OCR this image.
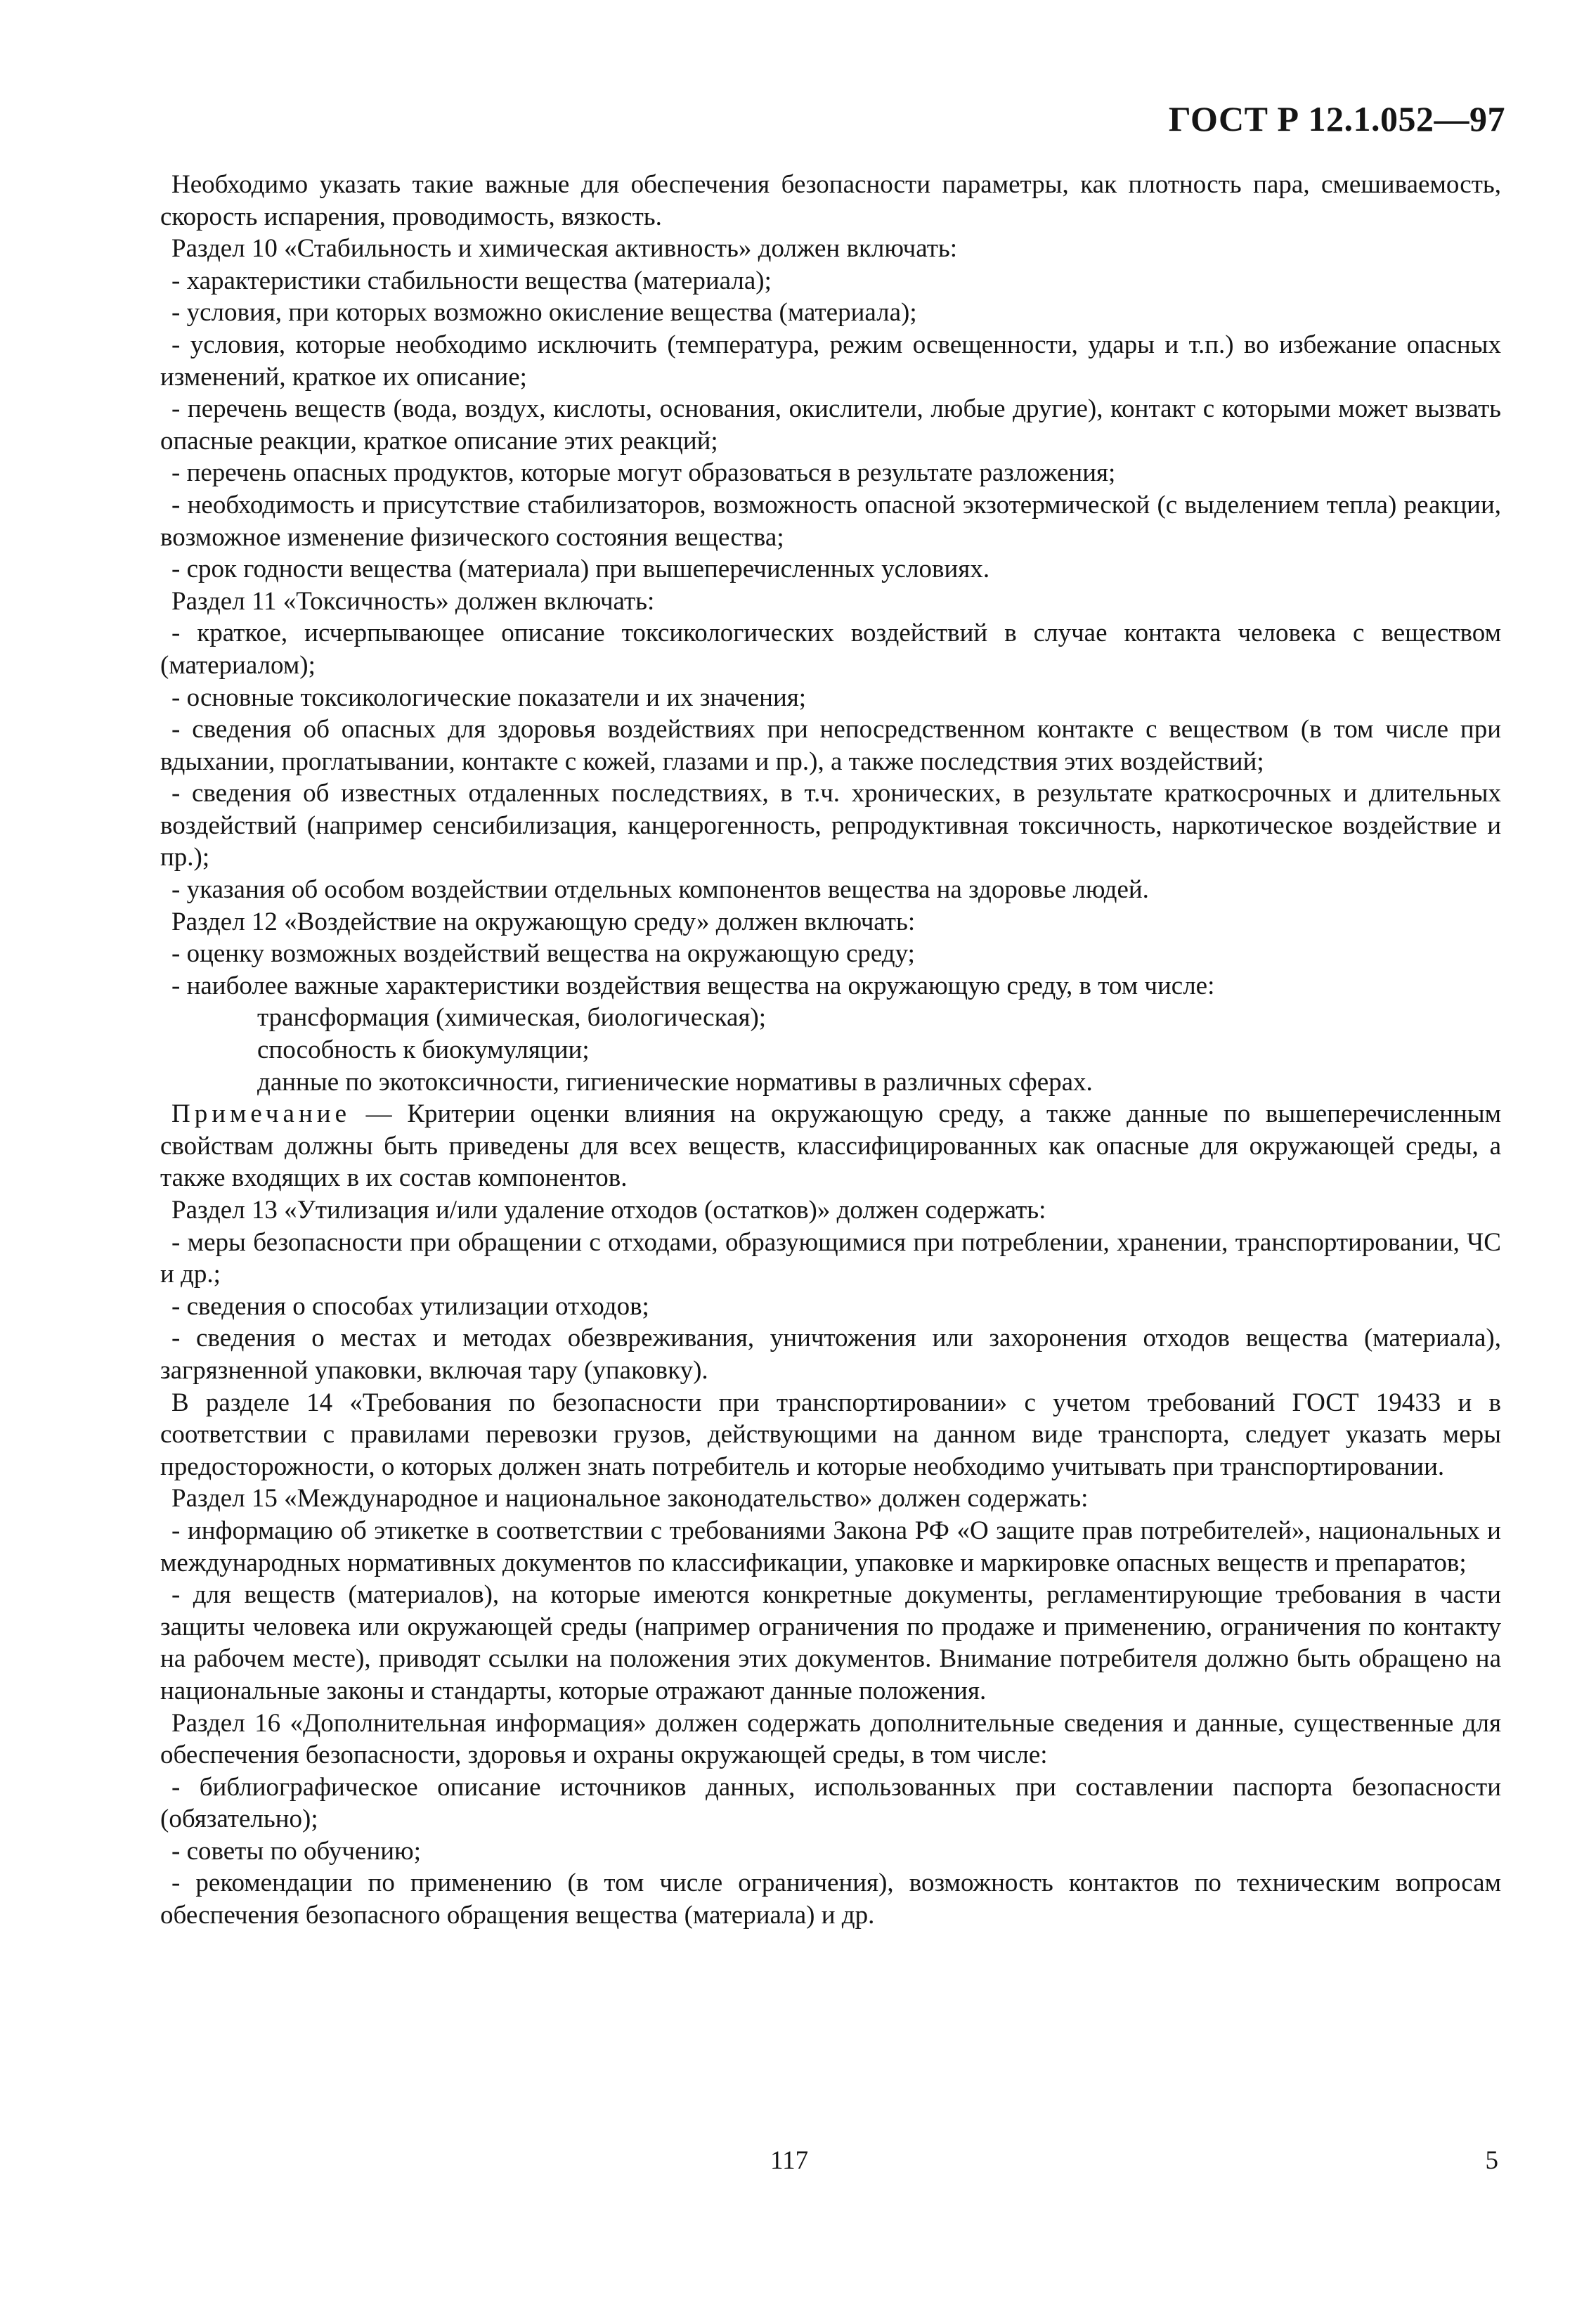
ГОСТ Р 12.1.052—97

Необходимо указать такие важные для обеспечения безопасности параметры, как плотность пара, смешиваемость, скорость испарения, проводимость, вязкость.

Раздел 10 «Стабильность и химическая активность» должен включать:

- характеристики стабильности вещества (материала);

- условия, при которых возможно окисление вещества (материала);

- условия, которые необходимо исключить (температура, режим освещенности, удары и т.п.) во избежание опасных изменений, краткое их описание;

- перечень веществ (вода, воздух, кислоты, основания, окислители, любые другие), контакт с которыми может вызвать опасные реакции, краткое описание этих реакций;

- перечень опасных продуктов, которые могут образоваться в результате разложения;

- необходимость и присутствие стабилизаторов, возможность опасной экзотермической (с выделением тепла) реакции, возможное изменение физического состояния вещества;

- срок годности вещества (материала) при вышеперечисленных условиях.

Раздел 11 «Токсичность» должен включать:

- краткое, исчерпывающее описание токсикологических воздействий в случае контакта человека с веществом (материалом);

- основные токсикологические показатели и их значения;

- сведения об опасных для здоровья воздействиях при непосредственном контакте с веществом (в том числе при вдыхании, проглатывании, контакте с кожей, глазами и пр.), а также последствия этих воздействий;

- сведения об известных отдаленных последствиях, в т.ч. хронических, в результате краткосрочных и длительных воздействий (например сенсибилизация, канцерогенность, репродуктивная токсичность, наркотическое воздействие и пр.);

- указания об особом воздействии отдельных компонентов вещества на здоровье людей.

Раздел 12 «Воздействие на окружающую среду» должен включать:

- оценку возможных воздействий вещества на окружающую среду;

- наиболее важные характеристики воздействия вещества на окружающую среду, в том числе:

трансформация (химическая, биологическая);

способность к биокумуляции;

данные по экотоксичности, гигиенические нормативы в различных сферах.

Примечание — Критерии оценки влияния на окружающую среду, а также данные по вышеперечисленным свойствам должны быть приведены для всех веществ, классифицированных как опасные для окружающей среды, а также входящих в их состав компонентов.

Раздел 13 «Утилизация и/или удаление отходов (остатков)» должен содержать:

- меры безопасности при обращении с отходами, образующимися при потреблении, хранении, транспортировании, ЧС и др.;

- сведения о способах утилизации отходов;

- сведения о местах и методах обезвреживания, уничтожения или захоронения отходов вещества (материала), загрязненной упаковки, включая тару (упаковку).

В разделе 14 «Требования по безопасности при транспортировании» с учетом требований ГОСТ 19433 и в соответствии с правилами перевозки грузов, действующими на данном виде транспорта, следует указать меры предосторожности, о которых должен знать потребитель и которые необходимо учитывать при транспортировании.

Раздел 15 «Международное и национальное законодательство» должен содержать:

- информацию об этикетке в соответствии с требованиями Закона РФ «О защите прав потребителей», национальных и международных нормативных документов по классификации, упаковке и маркировке опасных веществ и препаратов;

- для веществ (материалов), на которые имеются конкретные документы, регламентирующие требования в части защиты человека или окружающей среды (например ограничения по продаже и применению, ограничения по контакту на рабочем месте), приводят ссылки на положения этих документов. Внимание потребителя должно быть обращено на национальные законы и стандарты, которые отражают данные положения.

Раздел 16 «Дополнительная информация» должен содержать дополнительные сведения и данные, существенные для обеспечения безопасности, здоровья и охраны окружающей среды, в том числе:

- библиографическое описание источников данных, использованных при составлении паспорта безопасности (обязательно);

- советы по обучению;

- рекомендации по применению (в том числе ограничения), возможность контактов по техническим вопросам обеспечения безопасного обращения вещества (материала) и др.

117	5
